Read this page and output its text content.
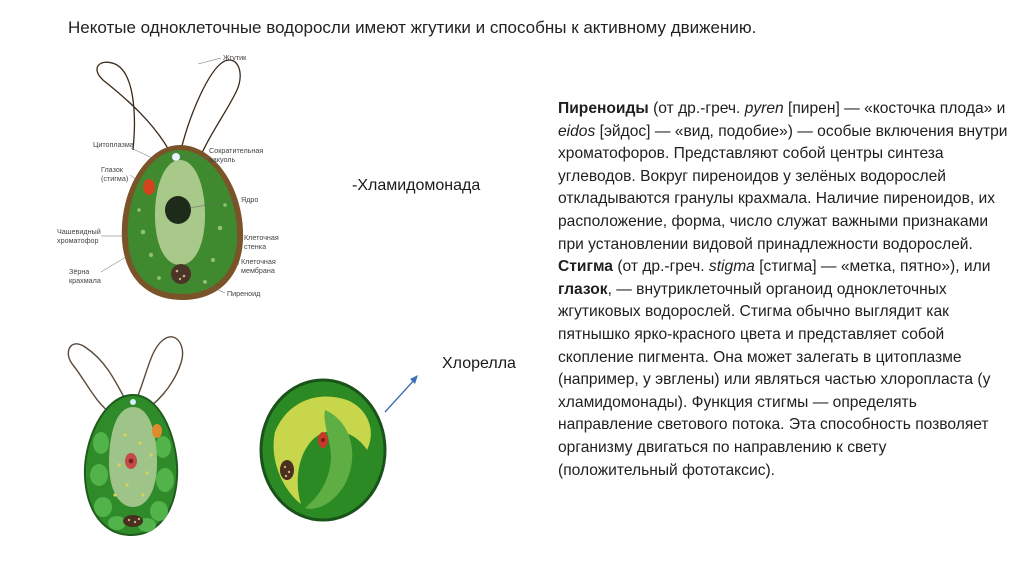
Некотые одноклеточные водоросли имеют жгутики и способны к активному движению.
Жгутик
Цитоплазма
Сократительная
вакуоль
Глазок
(стигма)
Ядро
Чашевидный
хроматофор	Клеточная
стенка
Клеточная
мембрана
Зёрна
крахмала
Пиреноид
-Хламидомонада
Хлорелла

Пиреноиды (от др.-греч. pyren [пирен] — «косточка плода» и eidos [эйдос] — «вид, подобие») — особые включения внутри хроматофоров. Представляют собой центры синтеза углеводов. Вокруг пиреноидов у зелёных водорослей откладываются гранулы крахмала. Наличие пиреноидов, их расположение, форма, число служат важными признаками при установлении видовой принадлежности водорослей.

Стигма (от др.-греч. stigma [стигма] — «метка, пятно»), или глазок, — внутриклеточный органоид одноклеточных жгутиковых водорослей. Стигма обычно выглядит как пятнышко ярко-красного цвета и представляет собой скопление пигмента. Она может залегать в цитоплазме (например, у эвглены) или являться частью хлоропласта (у хламидомонады). Функция стигмы — определять направление светового потока. Эта способность позволяет организму двигаться по направлению к свету (положительный фототаксис).
